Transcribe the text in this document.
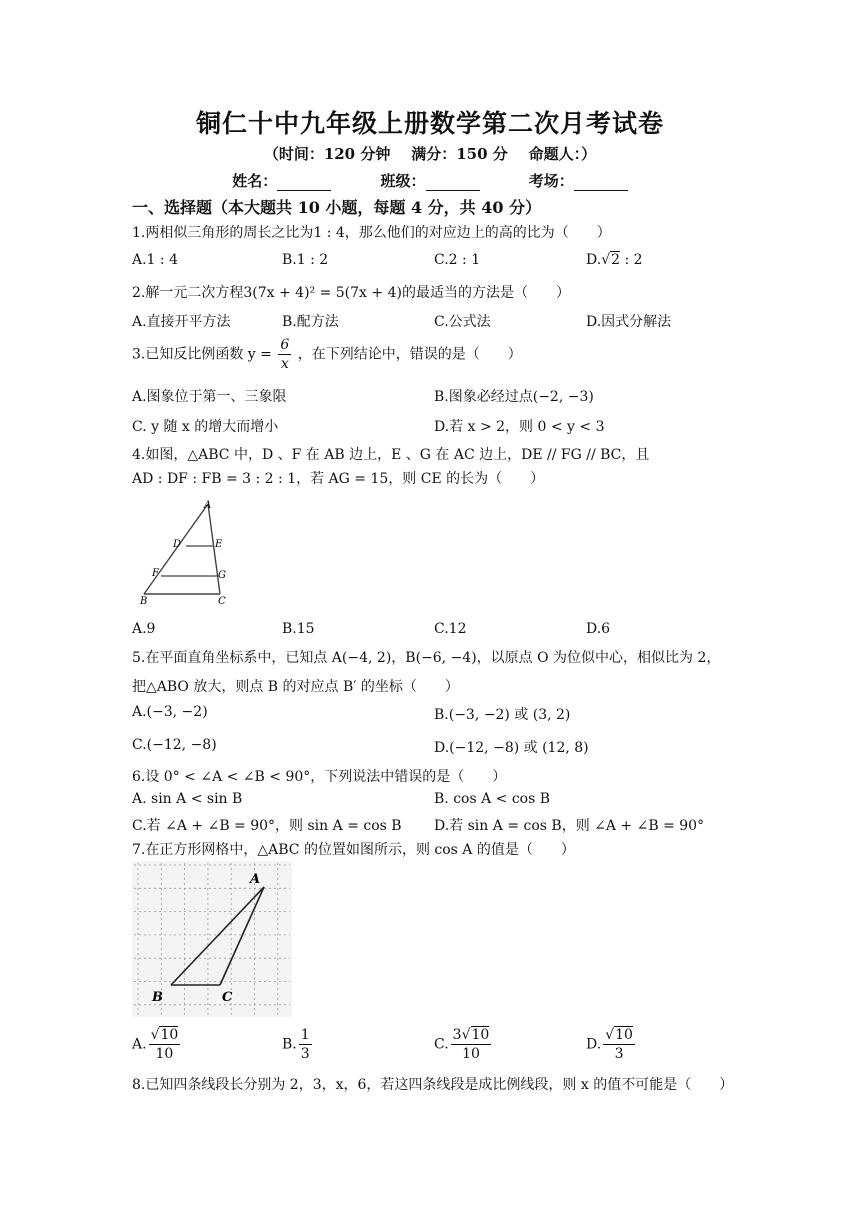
铜仁十中九年级上册数学第二次月考试卷
（时间：120 分钟    满分：150 分    命题人：）
姓名：	班级：	考场：
一、选择题（本大题共 10 小题，每题 4 分，共 40 分）
1.两相似三角形的周长之比为1 : 4，那么他们的对应边上的高的比为（　　）
A.1 : 4	B.1 : 2	C.2 : 1	D.√2 : 2
2.解一元二次方程3(7x + 4)² = 5(7x + 4)的最适当的方法是（　　）
A.直接开平方法	B.配方法	C.公式法	D.因式分解法
3.已知反比例函数 $y = \frac{6}{x}$ ，在下列结论中，错误的是（　　）
A.图象位于第一、三象限	B.图象必经过点(−2, −3)
C. y 随 x 的增大而增小	D.若 x > 2，则 0 < y < 3
4.如图，△ABC 中，D 、F 在 AB 边上，E 、G 在 AC 边上，DE // FG // BC，且
AD : DF : FB = 3 : 2 : 1，若 AG = 15，则 CE 的长为（　　）
A
D	E
F	G
B	C
A.9	B.15	C.12	D.6
5.在平面直角坐标系中，已知点 A(−4, 2)，B(−6, −4)，以原点 O 为位似中心，相似比为 2，
把△ABO 放大，则点 B 的对应点 B′ 的坐标（　　）
A.(−3, −2)	B.(−3, −2) 或 (3, 2)
C.(−12, −8)	D.(−12, −8) 或 (12, 8)
6.设 0° < ∠A < ∠B < 90°，下列说法中错误的是（　　）
A. sin A < sin B	B. cos A < cos B
C.若 ∠A + ∠B = 90°，则 sin A = cos B D.若 sin A = cos B，则 ∠A + ∠B = 90°
7.在正方形网格中，△ABC 的位置如图所示，则 cos A 的值是（　　）
A
B	C
A. $\frac{√10}{10}$	B. $\frac{1}{3}$	C. $\frac{3√10}{10}$	D. $\frac{√10}{3}$
8.已知四条线段长分别为 2，3，x，6，若这四条线段是成比例线段，则 x 的值不可能是（　　）
